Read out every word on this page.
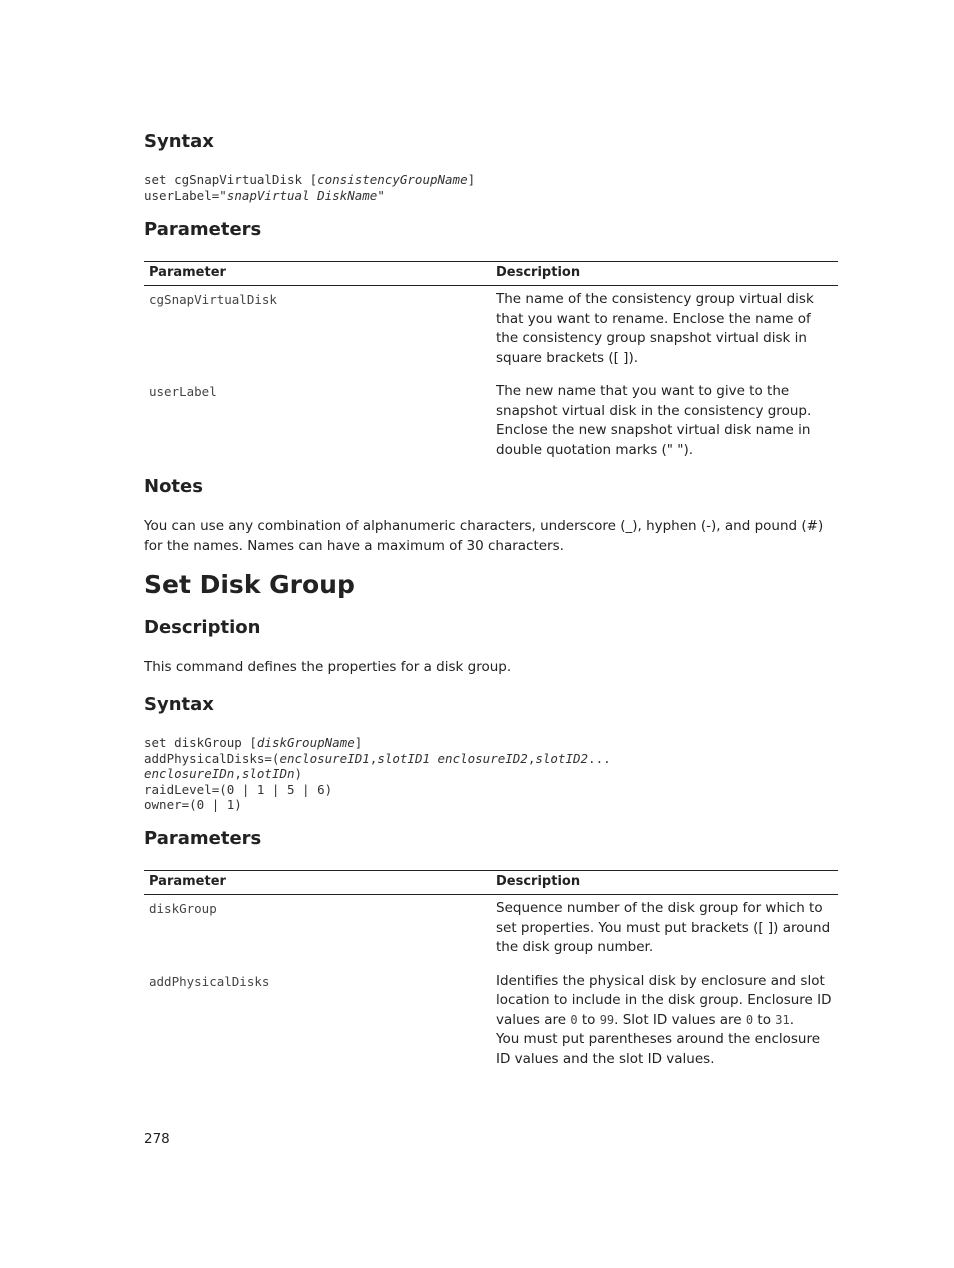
Syntax
set cgSnapVirtualDisk [consistencyGroupName]
userLabel="snapVirtual DiskName"
Parameters
Parameter	Description
cgSnapVirtualDisk	The name of the consistency group virtual disk that you want to rename. Enclose the name of the consistency group snapshot virtual disk in square brackets ([ ]).
userLabel	The new name that you want to give to the snapshot virtual disk in the consistency group. Enclose the new snapshot virtual disk name in double quotation marks (" ").
Notes

You can use any combination of alphanumeric characters, underscore (_), hyphen (-), and pound (#) for the names. Names can have a maximum of 30 characters.

Set Disk Group
Description

This command defines the properties for a disk group.

Syntax
set diskGroup [diskGroupName]
addPhysicalDisks=(enclosureID1,slotID1 enclosureID2,slotID2...
enclosureIDn,slotIDn)
raidLevel=(0 | 1 | 5 | 6)
owner=(0 | 1)
Parameters
Parameter	Description
diskGroup	Sequence number of the disk group for which to set properties. You must put brackets ([ ]) around the disk group number.
addPhysicalDisks	Identifies the physical disk by enclosure and slot location to include in the disk group. Enclosure ID values are 0 to 99. Slot ID values are 0 to 31.
You must put parentheses around the enclosure ID values and the slot ID values.
278
